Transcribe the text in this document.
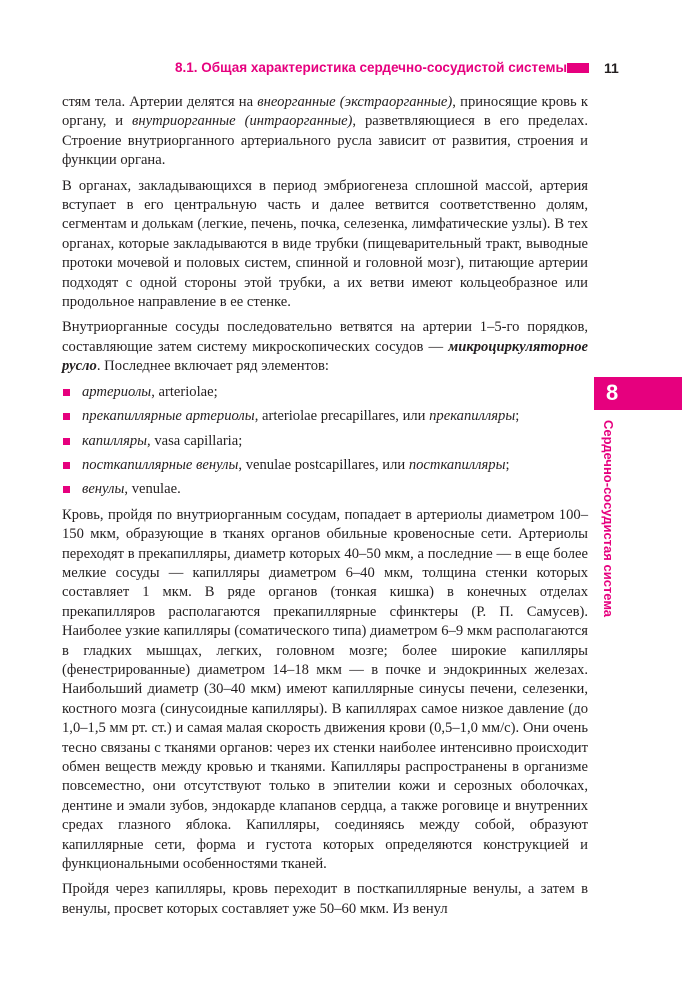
8.1. Общая характеристика сердечно-сосудистой системы	11
8
Сердечно-сосудистая система

стям тела. Артерии делятся на внеорганные (экстраорганные), приносящие кровь к органу, и внутриорганные (интраорганные), разветвляющиеся в его пределах. Строение внутриорганного артериального русла зависит от развития, строения и функции органа.

В органах, закладывающихся в период эмбриогенеза сплошной массой, артерия вступает в его центральную часть и далее ветвится соответственно долям, сегментам и долькам (легкие, печень, почка, селезенка, лимфатические узлы). В тех органах, которые закладываются в виде трубки (пищеварительный тракт, выводные протоки мочевой и половых систем, спинной и головной мозг), питающие артерии подходят с одной стороны этой трубки, а их ветви имеют кольцеобразное или продольное направление в ее стенке.

Внутриорганные сосуды последовательно ветвятся на артерии 1–5-го порядков, составляющие затем систему микроскопических сосудов — микроциркуляторное русло. Последнее включает ряд элементов:

артериолы, arteriolae;
прекапиллярные артериолы, arteriolae precapillares, или прекапилляры;
капилляры, vasa capillaria;
посткапиллярные венулы, venulae postcapillares, или посткапилляры;
венулы, venulae.

Кровь, пройдя по внутриорганным сосудам, попадает в артериолы диаметром 100–150 мкм, образующие в тканях органов обильные кровеносные сети. Артериолы переходят в прекапилляры, диаметр которых 40–50 мкм, а последние — в еще более мелкие сосуды — капилляры диаметром 6–40 мкм, толщина стенки которых составляет 1 мкм. В ряде органов (тонкая кишка) в конечных отделах прекапилляров располагаются прекапиллярные сфинктеры (Р. П. Самусев). Наиболее узкие капилляры (соматического типа) диаметром 6–9 мкм располагаются в гладких мышцах, легких, головном мозге; более широкие капилляры (фенестрированные) диаметром 14–18 мкм — в почке и эндокринных железах. Наибольший диаметр (30–40 мкм) имеют капиллярные синусы печени, селезенки, костного мозга (синусоидные капилляры). В капиллярах самое низкое давление (до 1,0–1,5 мм рт. ст.) и самая малая скорость движения крови (0,5–1,0 мм/с). Они очень тесно связаны с тканями органов: через их стенки наиболее интенсивно происходит обмен веществ между кровью и тканями. Капилляры распространены в организме повсеместно, они отсутствуют только в эпителии кожи и серозных оболочках, дентине и эмали зубов, эндокарде клапанов сердца, а также роговице и внутренних средах глазного яблока. Капилляры, соединяясь между собой, образуют капиллярные сети, форма и густота которых определяются конструкцией и функциональными особенностями тканей.

Пройдя через капилляры, кровь переходит в посткапиллярные венулы, а затем в венулы, просвет которых составляет уже 50–60 мкм. Из венул
